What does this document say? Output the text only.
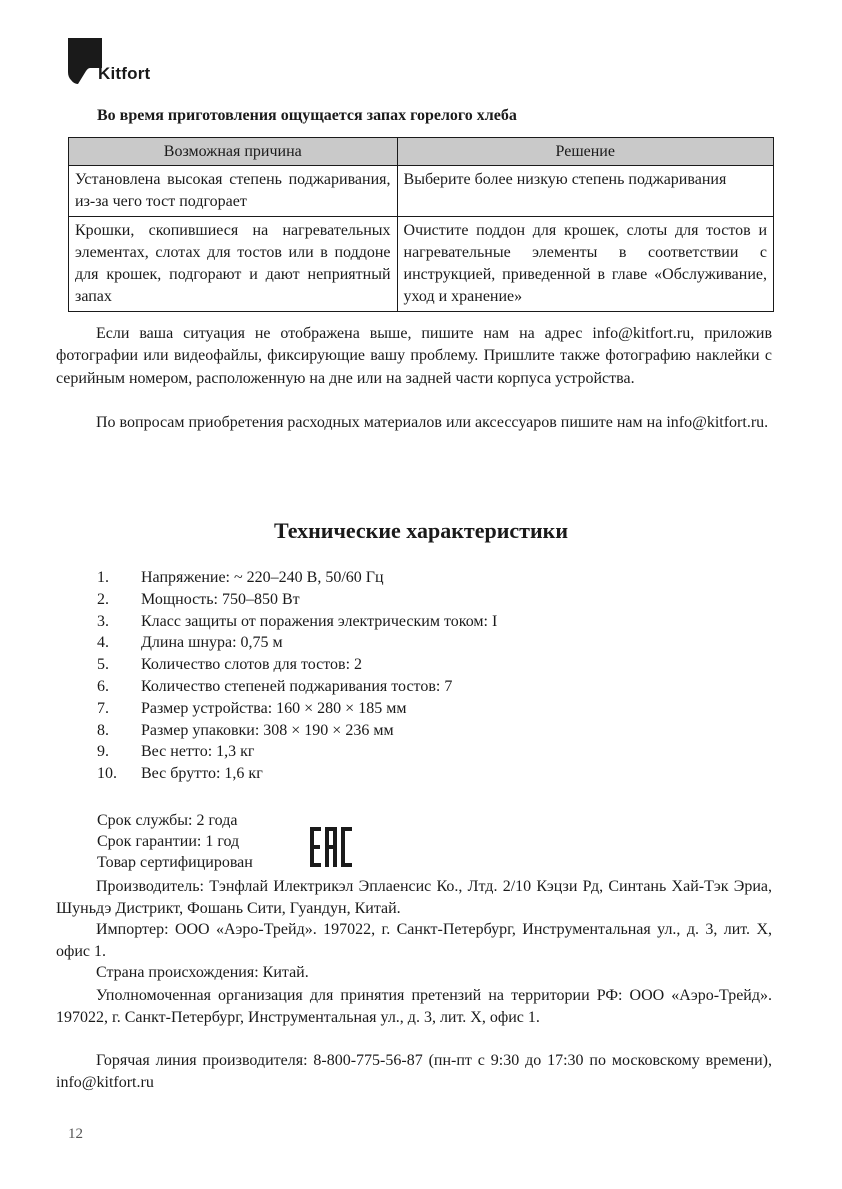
Kitfort
Во время приготовления ощущается запах горелого хлеба
Возможная причина	Решение
Установлена высокая степень поджаривания, из-за чего тост подгорает	Выберите более низкую степень поджаривания
Крошки, скопившиеся на нагревательных элементах, слотах для тостов или в поддоне для крошек, подгорают и дают неприятный запах	Очистите поддон для крошек, слоты для тостов и нагревательные элементы в соответствии с инструкцией, приведенной в главе «Обслуживание, уход и хранение»

Если ваша ситуация не отображена выше, пишите нам на адрес info@kitfort.ru, приложив фотографии или видеофайлы, фиксирующие вашу проблему. Пришлите также фотографию наклейки с серийным номером, расположенную на дне или на задней части корпуса устройства.

По вопросам приобретения расходных материалов или аксессуаров пишите нам на info@kitfort.ru.

Технические характеристики
1. Напряжение: ~ 220–240 В, 50/60 Гц
2. Мощность: 750–850 Вт
3. Класс защиты от поражения электрическим током: I
4. Длина шнура: 0,75 м
5. Количество слотов для тостов: 2
6. Количество степеней поджаривания тостов: 7
7. Размер устройства: 160 × 280 × 185 мм
8. Размер упаковки: 308 × 190 × 236 мм
9. Вес нетто: 1,3 кг
10. Вес брутто: 1,6 кг
Срок службы: 2 года
Срок гарантии: 1 год
Товар сертифицирован

Производитель: Тэнфлай Илектрикэл Эплаенсис Ко., Лтд. 2/10 Кэцзи Рд, Синтань Хай-Тэк Эриа, Шуньдэ Дистрикт, Фошань Сити, Гуандун, Китай.

Импортер: ООО «Аэро-Трейд». 197022, г. Санкт-Петербург, Инструментальная ул., д. 3, лит. Х, офис 1.

Страна происхождения: Китай.

Уполномоченная организация для принятия претензий на территории РФ: ООО «Аэро-Трейд». 197022, г. Санкт-Петербург, Инструментальная ул., д. 3, лит. Х, офис 1.

Горячая линия производителя: 8-800-775-56-87 (пн-пт с 9:30 до 17:30 по московскому времени), info@kitfort.ru

12
